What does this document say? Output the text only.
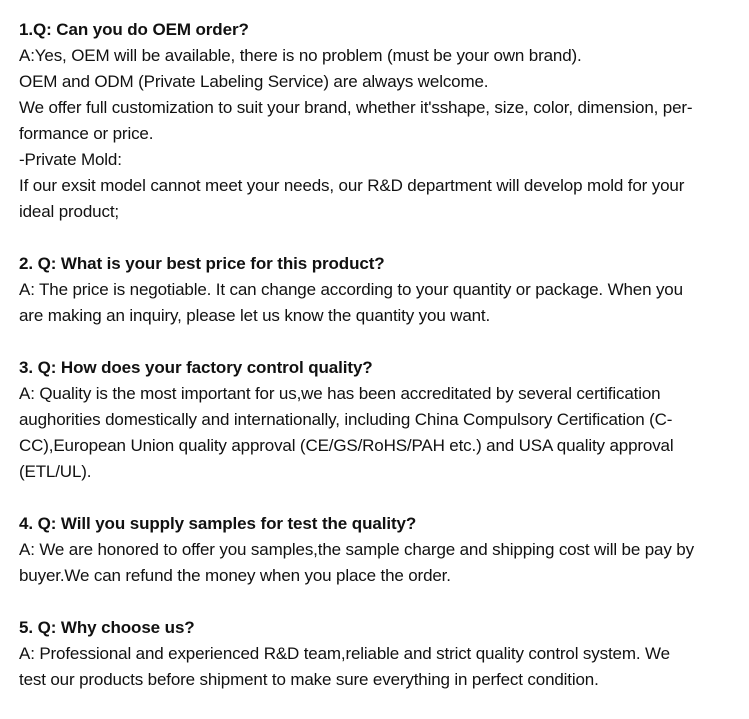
1.Q: Can you do OEM order?
A:Yes, OEM will be available, there is no problem (must be your own brand).
OEM and ODM (Private Labeling Service) are always welcome.
We offer full customization to suit your brand, whether it'sshape, size, color, dimension, per-
formance or price.
-Private Mold:
If our exsit model cannot meet your needs, our R&D department will develop mold for your
ideal product;
2. Q: What is your best price for this product?
A: The price is negotiable. It can change according to your quantity or package. When you
are making an inquiry, please let us know the quantity you want.
3. Q: How does your factory control quality?
A: Quality is the most important for us,we has been accreditated by several certification
aughorities domestically and internationally, including China Compulsory Certification (C-
CC),European Union quality approval (CE/GS/RoHS/PAH etc.) and USA quality approval
(ETL/UL).
4. Q: Will you supply samples for test the quality?
A: We are honored to offer you samples,the sample charge and shipping cost will be pay by
buyer.We can refund the money when you place the order.
5. Q: Why choose us?
A: Professional and experienced R&D team,reliable and strict quality control system. We
test our products before shipment to make sure everything in perfect condition.
